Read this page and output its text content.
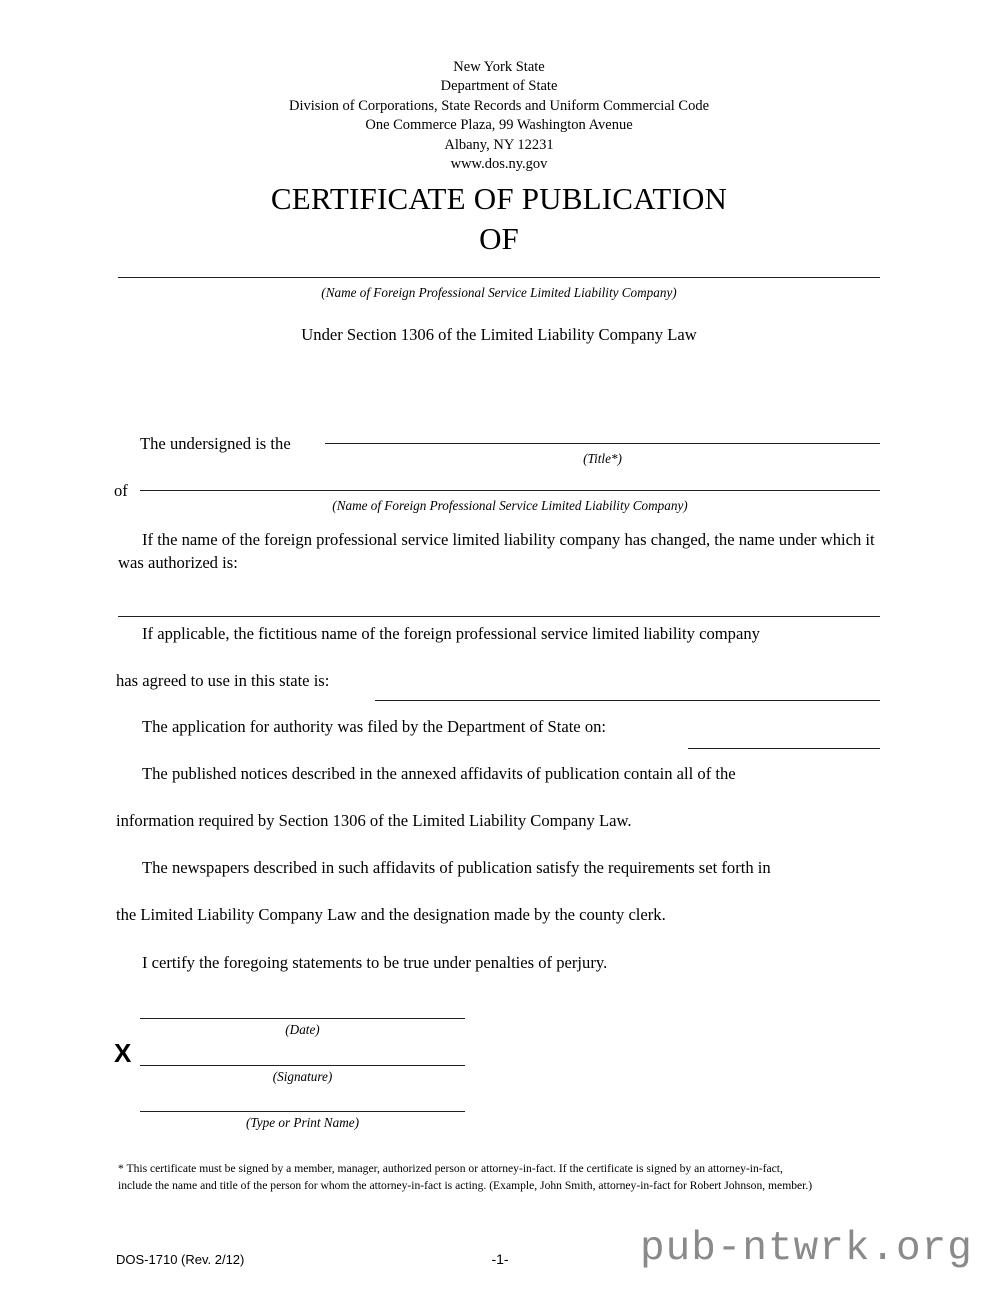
New York State
Department of State
Division of Corporations, State Records and Uniform Commercial Code
One Commerce Plaza, 99 Washington Avenue
Albany, NY 12231
www.dos.ny.gov
CERTIFICATE OF PUBLICATION
OF
(Name of Foreign Professional Service Limited Liability Company)
Under Section 1306 of the Limited Liability Company Law
The undersigned is the
(Title*)
of
(Name of Foreign Professional Service Limited Liability Company)
If the name of the foreign professional service limited liability company has changed, the name under which it was authorized is:
If applicable, the fictitious name of the foreign professional service limited liability company
has agreed to use in this state is:
The application for authority was filed by the Department of State on:
The published notices described in the annexed affidavits of publication contain all of the
information required by Section 1306 of the Limited Liability Company Law.
The newspapers described in such affidavits of publication satisfy the requirements set forth in
the Limited Liability Company Law and the designation made by the county clerk.
I certify the foregoing statements to be true under penalties of perjury.
(Date)
X
(Signature)
(Type or Print Name)
* This certificate must be signed by a member, manager, authorized person or attorney-in-fact. If the certificate is signed by an attorney-in-fact,
include the name and title of the person for whom the attorney-in-fact is acting. (Example, John Smith, attorney-in-fact for Robert Johnson, member.)
DOS-1710 (Rev. 2/12)	-1-	pub-ntwrk.org
